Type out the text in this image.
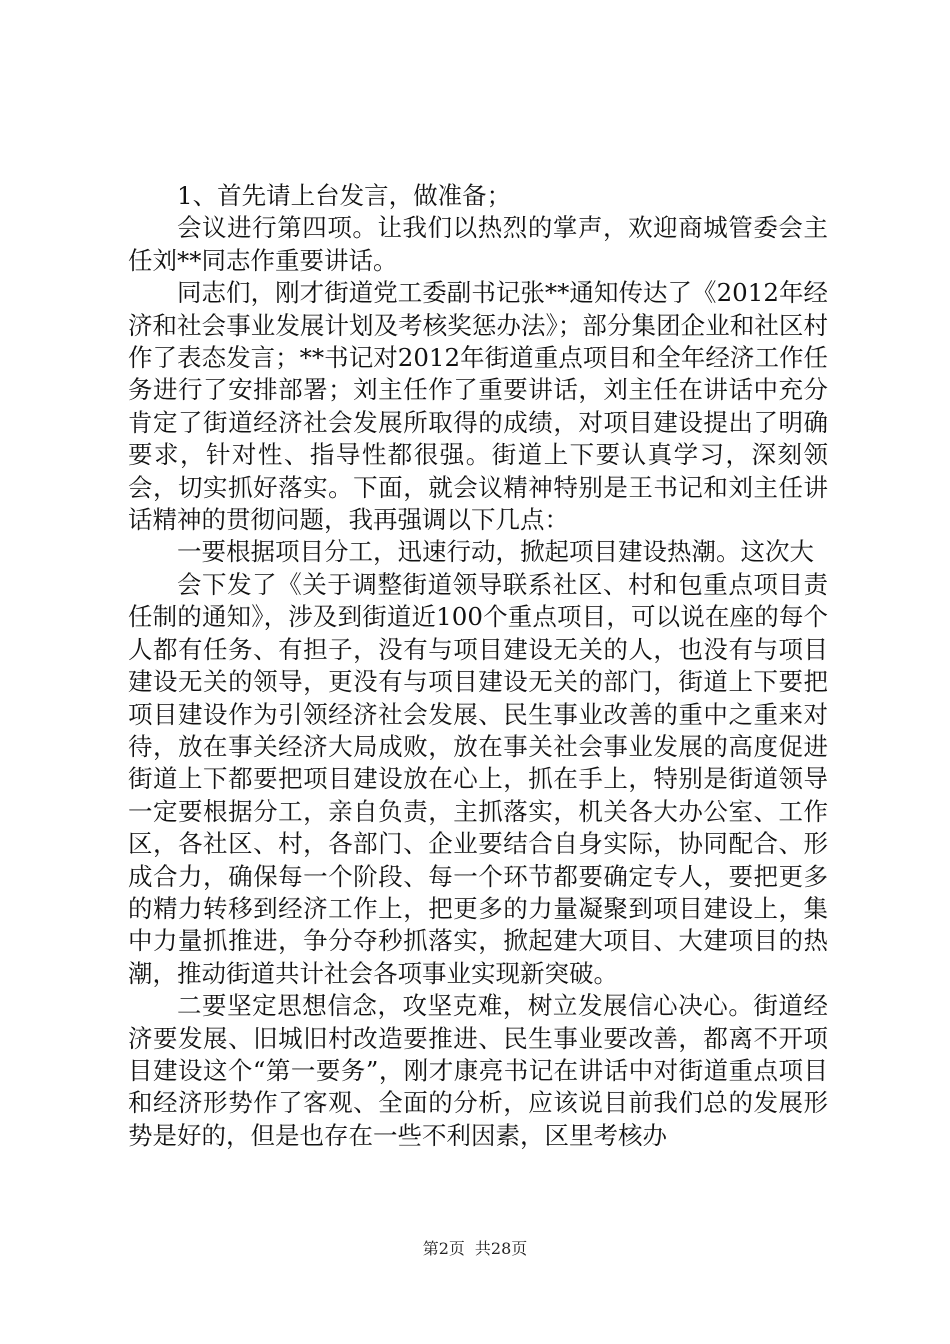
1、首先请上台发言，做准备；

会议进行第四项。让我们以热烈的掌声，欢迎商城管委会主任刘**同志作重要讲话。

同志们，刚才街道党工委副书记张**通知传达了《2012年经济和社会事业发展计划及考核奖惩办法》；部分集团企业和社区村作了表态发言；**书记对2012年街道重点项目和全年经济工作任务进行了安排部署；刘主任作了重要讲话，刘主任在讲话中充分肯定了街道经济社会发展所取得的成绩，对项目建设提出了明确要求，针对性、指导性都很强。街道上下要认真学习，深刻领会，切实抓好落实。下面，就会议精神特别是王书记和刘主任讲话精神的贯彻问题，我再强调以下几点：

一要根据项目分工，迅速行动，掀起项目建设热潮。这次大

会下发了《关于调整街道领导联系社区、村和包重点项目责任制的通知》，涉及到街道近100个重点项目，可以说在座的每个人都有任务、有担子，没有与项目建设无关的人，也没有与项目建设无关的领导，更没有与项目建设无关的部门，街道上下要把项目建设作为引领经济社会发展、民生事业改善的重中之重来对待，放在事关经济大局成败，放在事关社会事业发展的高度促进街道上下都要把项目建设放在心上，抓在手上，特别是街道领导一定要根据分工，亲自负责，主抓落实，机关各大办公室、工作区，各社区、村，各部门、企业要结合自身实际，协同配合、形成合力，确保每一个阶段、每一个环节都要确定专人，要把更多的精力转移到经济工作上，把更多的力量凝聚到项目建设上，集中力量抓推进，争分夺秒抓落实，掀起建大项目、大建项目的热潮，推动街道共计社会各项事业实现新突破。

二要坚定思想信念，攻坚克难，树立发展信心决心。街道经济要发展、旧城旧村改造要推进、民生事业要改善，都离不开项目建设这个“第一要务”，刚才康亮书记在讲话中对街道重点项目和经济形势作了客观、全面的分析，应该说目前我们总的发展形势是好的，但是也存在一些不利因素，区里考核办

第2页 共28页
